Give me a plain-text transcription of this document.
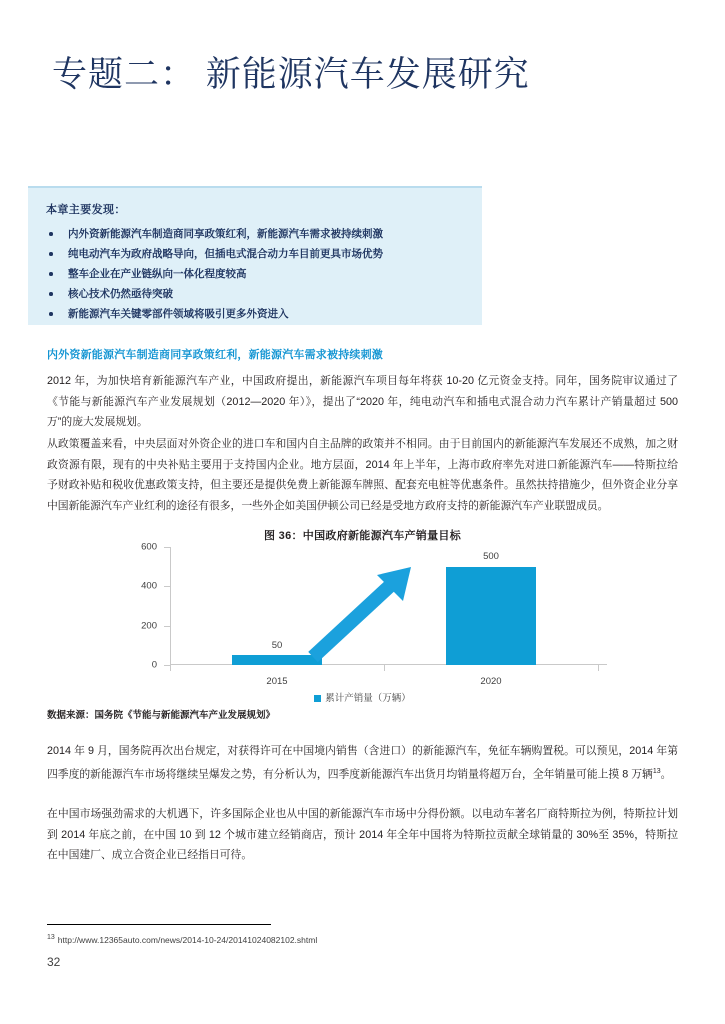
专题二： 新能源汽车发展研究
本章主要发现：
内外资新能源汽车制造商同享政策红利，新能源汽车需求被持续刺激
纯电动汽车为政府战略导向，但插电式混合动力车目前更具市场优势
整车企业在产业链纵向一体化程度较高
核心技术仍然亟待突破
新能源汽车关键零部件领域将吸引更多外资进入
内外资新能源汽车制造商同享政策红利，新能源汽车需求被持续刺激
2012 年，为加快培育新能源汽车产业，中国政府提出，新能源汽车项目每年将获 10-20 亿元资金支持。同年，国务院审议通过了《节能与新能源汽车产业发展规划（2012—2020 年）》，提出了“2020 年，纯电动汽车和插电式混合动力汽车累计产销量超过 500 万”的庞大发展规划。
从政策覆盖来看，中央层面对外资企业的进口车和国内自主品牌的政策并不相同。由于目前国内的新能源汽车发展还不成熟，加之财政资源有限，现有的中央补贴主要用于支持国内企业。地方层面，2014 年上半年，上海市政府率先对进口新能源汽车——特斯拉给予财政补贴和税收优惠政策支持，但主要还是提供免费上新能源车牌照、配套充电桩等优惠条件。虽然扶持措施少，但外资企业分享中国新能源汽车产业红利的途径有很多，一些外企如美国伊顿公司已经是受地方政府支持的新能源汽车产业联盟成员。
图 36：中国政府新能源汽车产销量目标
600
400
200
0
50
500
2015	2020
累计产销量（万辆）
数据来源：国务院《节能与新能源汽车产业发展规划》
2014 年 9 月，国务院再次出台规定，对获得许可在中国境内销售（含进口）的新能源汽车，免征车辆购置税。可以预见，2014 年第四季度的新能源汽车市场将继续呈爆发之势，有分析认为，四季度新能源汽车出货月均销量将超万台，全年销量可能上摸 8 万辆$^{13}$。
在中国市场强劲需求的大机遇下，许多国际企业也从中国的新能源汽车市场中分得份额。以电动车著名厂商特斯拉为例，特斯拉计划到 2014 年底之前，在中国 10 到 12 个城市建立经销商店，预计 2014 年全年中国将为特斯拉贡献全球销量的 30%至 35%，特斯拉在中国建厂、成立合资企业已经指日可待。
$^{13}$ http://www.12365auto.com/news/2014-10-24/20141024082102.shtml
32
